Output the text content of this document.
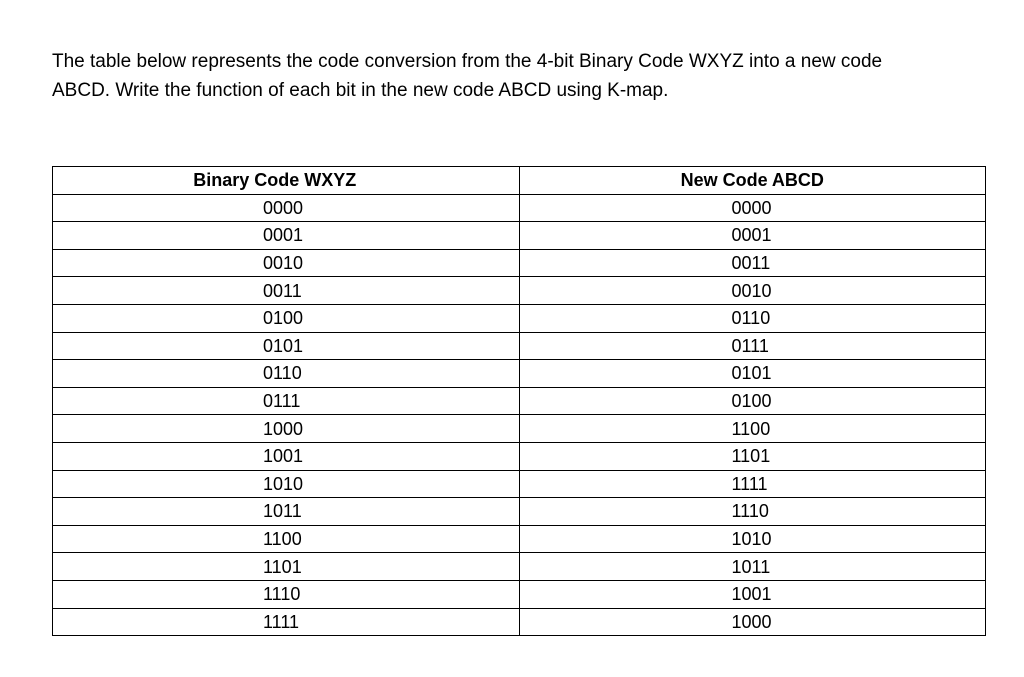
The table below represents the code conversion from the 4-bit Binary Code WXYZ into a new code

ABCD. Write the function of each bit in the new code ABCD using K-map.

Binary Code WXYZ	New Code ABCD
0000	0000
0001	0001
0010	0011
0011	0010
0100	0110
0101	0111
0110	0101
0111	0100
1000	1100
1001	1101
1010	1111
1011	1110
1100	1010
1101	1011
1110	1001
1111	1000
